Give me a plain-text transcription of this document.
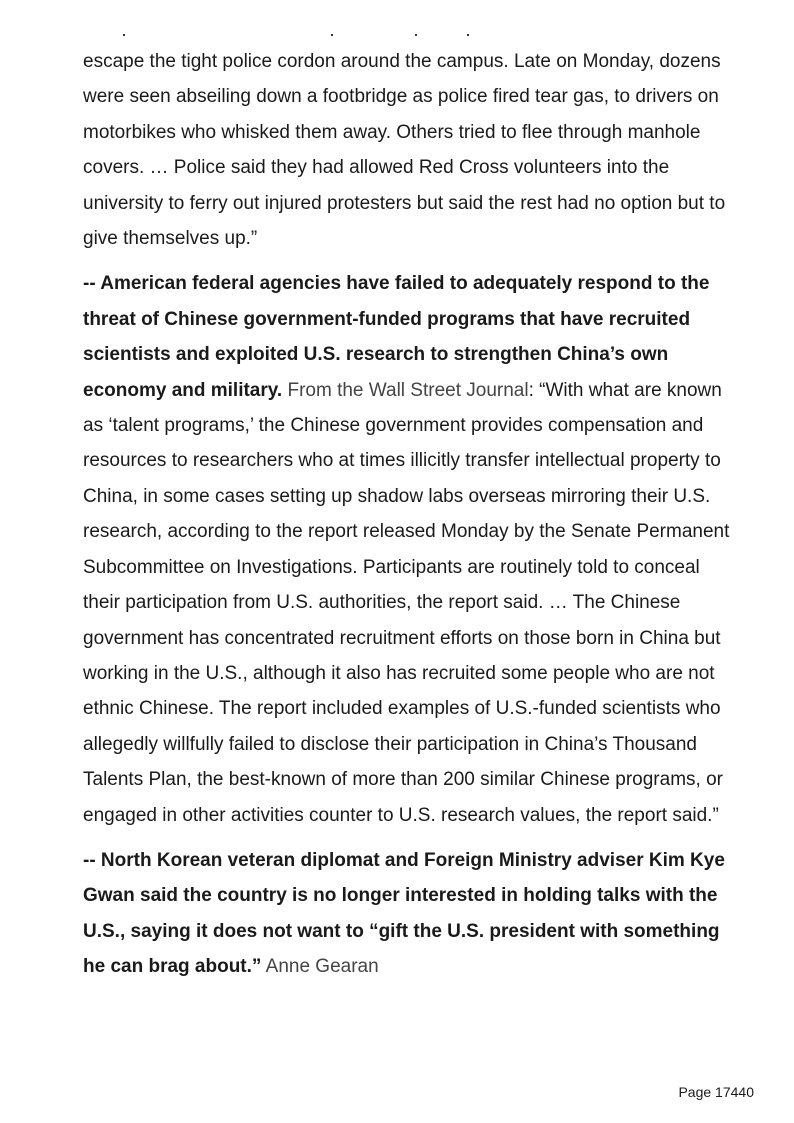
escape the tight police cordon around the campus. Late on Monday, dozens were seen abseiling down a footbridge as police fired tear gas, to drivers on motorbikes who whisked them away. Others tried to flee through manhole covers. … Police said they had allowed Red Cross volunteers into the university to ferry out injured protesters but said the rest had no option but to give themselves up.”

-- American federal agencies have failed to adequately respond to the threat of Chinese government-funded programs that have recruited scientists and exploited U.S. research to strengthen China’s own economy and military. From the Wall Street Journal: “With what are known as ‘talent programs,’ the Chinese government provides compensation and resources to researchers who at times illicitly transfer intellectual property to China, in some cases setting up shadow labs overseas mirroring their U.S. research, according to the report released Monday by the Senate Permanent Subcommittee on Investigations. Participants are routinely told to conceal their participation from U.S. authorities, the report said. … The Chinese government has concentrated recruitment efforts on those born in China but working in the U.S., although it also has recruited some people who are not ethnic Chinese. The report included examples of U.S.-funded scientists who allegedly willfully failed to disclose their participation in China’s Thousand Talents Plan, the best-known of more than 200 similar Chinese programs, or engaged in other activities counter to U.S. research values, the report said.”

-- North Korean veteran diplomat and Foreign Ministry adviser Kim Kye Gwan said the country is no longer interested in holding talks with the U.S., saying it does not want to “gift the U.S. president with something he can brag about.” Anne Gearan

Page 17440
